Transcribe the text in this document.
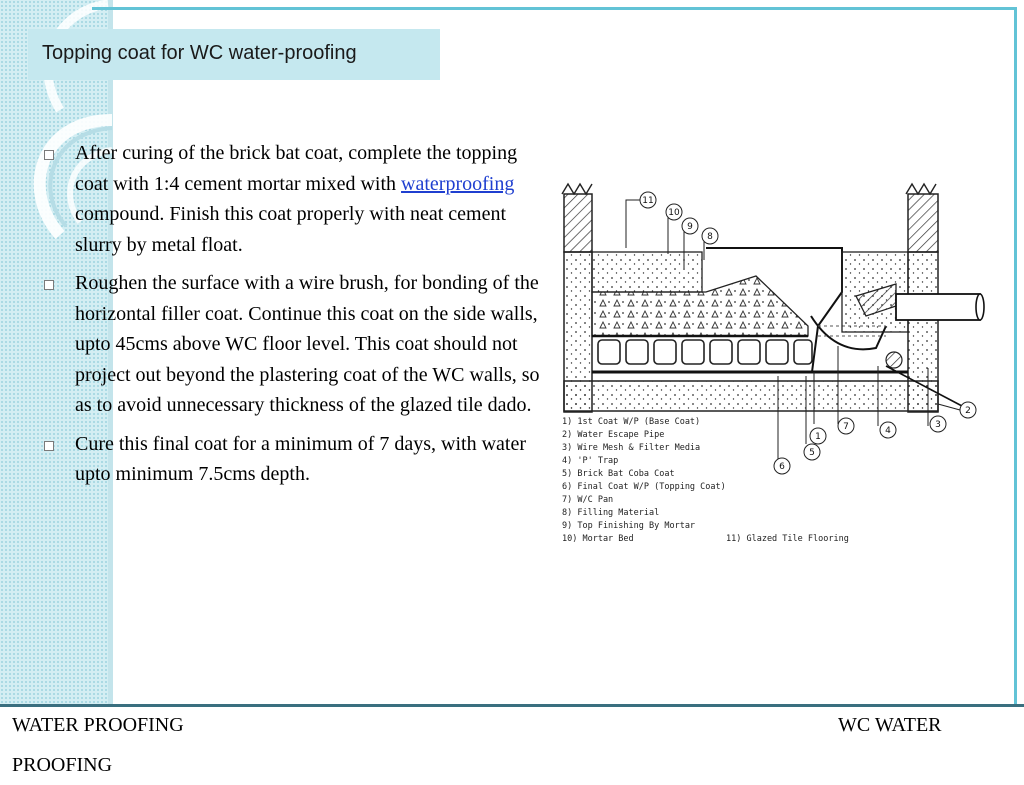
Topping coat for WC water-proofing
After curing of the brick bat coat, complete the topping coat with 1:4 cement mortar mixed with waterproofing compound. Finish this coat properly with neat cement slurry by metal float.
Roughen the surface with a wire brush, for bonding of the horizontal filler coat. Continue this coat on the side walls, upto 45cms above WC floor level. This coat should not project out beyond the plastering coat of the WC walls, so as to avoid unnecessary thickness of the glazed tile dado.
Cure this final coat for a minimum of 7 days, with water upto minimum 7.5cms depth.
11
10
9
8
1
5
6
7	4
3
2
1) 1st Coat W/P (Base Coat)
2) Water Escape Pipe
3) Wire Mesh & Filter Media
4) 'P' Trap
5) Brick Bat Coba Coat
6) Final Coat W/P (Topping Coat)
7) W/C Pan
8) Filling Material
9) Top Finishing By Mortar
10) Mortar Bed	11) Glazed Tile Flooring
WATER PROOFING
PROOFING
WC WATER
